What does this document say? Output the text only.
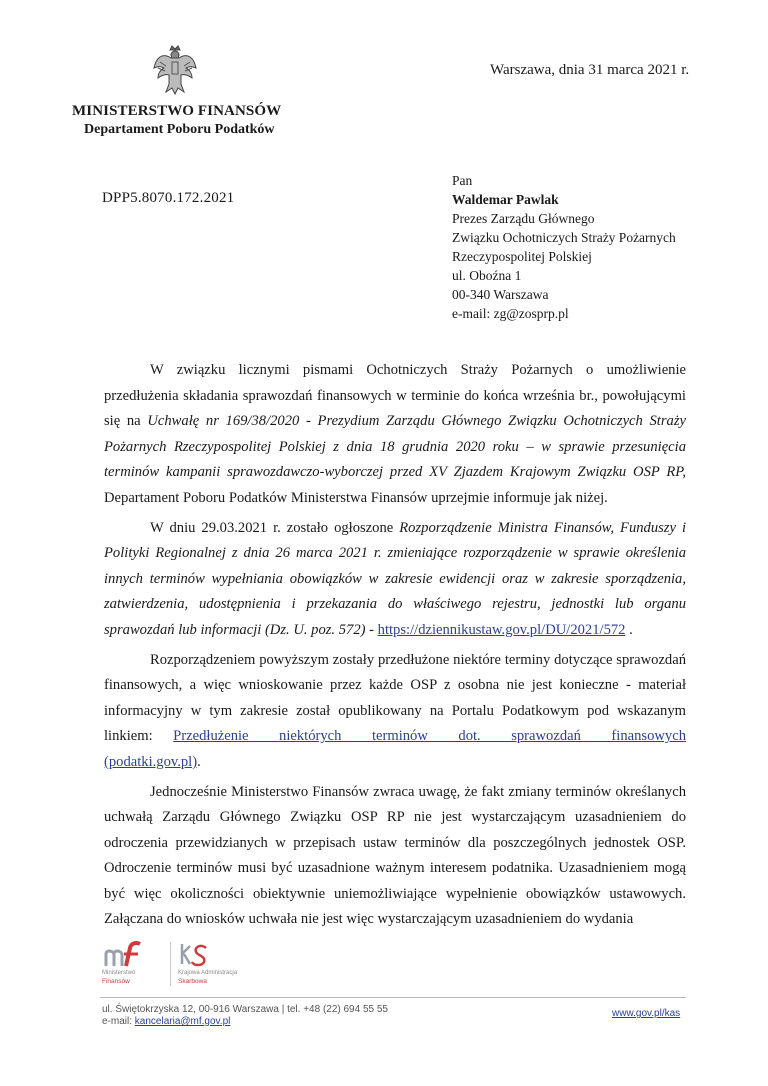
MINISTERSTWO FINANSÓW
Departament Poboru Podatków
Warszawa, dnia 31 marca 2021 r.
DPP5.8070.172.2021
Pan
Waldemar Pawlak
Prezes Zarządu Głównego
Związku Ochotniczych Straży Pożarnych
Rzeczypospolitej Polskiej
ul. Oboźna 1
00-340 Warszawa
e-mail: zg@zosprp.pl

W związku licznymi pismami Ochotniczych Straży Pożarnych o umożliwienie przedłużenia składania sprawozdań finansowych w terminie do końca września br., powołującymi się na Uchwałę nr 169/38/2020 - Prezydium Zarządu Głównego Związku Ochotniczych Straży Pożarnych Rzeczypospolitej Polskiej z dnia 18 grudnia 2020 roku – w sprawie przesunięcia terminów kampanii sprawozdawczo-wyborczej przed XV Zjazdem Krajowym Związku OSP RP, Departament Poboru Podatków Ministerstwa Finansów uprzejmie informuje jak niżej.

W dniu 29.03.2021 r. zostało ogłoszone Rozporządzenie Ministra Finansów, Funduszy i Polityki Regionalnej z dnia 26 marca 2021 r. zmieniające rozporządzenie w sprawie określenia innych terminów wypełniania obowiązków w zakresie ewidencji oraz w zakresie sporządzenia, zatwierdzenia, udostępnienia i przekazania do właściwego rejestru, jednostki lub organu sprawozdań lub informacji (Dz. U. poz. 572) - https://dziennikustaw.gov.pl/DU/2021/572 .

Rozporządzeniem powyższym zostały przedłużone niektóre terminy dotyczące sprawozdań finansowych, a więc wnioskowanie przez każde OSP z osobna nie jest konieczne - materiał informacyjny w tym zakresie został opublikowany na Portalu Podatkowym pod wskazanym linkiem: Przedłużenie niektórych terminów dot. sprawozdań finansowych (podatki.gov.pl).

Jednocześnie Ministerstwo Finansów zwraca uwagę, że fakt zmiany terminów określanych uchwałą Zarządu Głównego Związku OSP RP nie jest wystarczającym uzasadnieniem do odroczenia przewidzianych w przepisach ustaw terminów dla poszczególnych jednostek OSP. Odroczenie terminów musi być uzasadnione ważnym interesem podatnika. Uzasadnieniem mogą być więc okoliczności obiektywnie uniemożliwiające wypełnienie obowiązków ustawowych. Załączana do wniosków uchwała nie jest więc wystarczającym uzasadnieniem do wydania

Ministerstwo
Finansów
Krajowa Administracja
Skarbowa
ul. Świętokrzyska 12, 00-916 Warszawa | tel. +48 (22) 694 55 55
e-mail: kancelaria@mf.gov.pl
www.gov.pl/kas
